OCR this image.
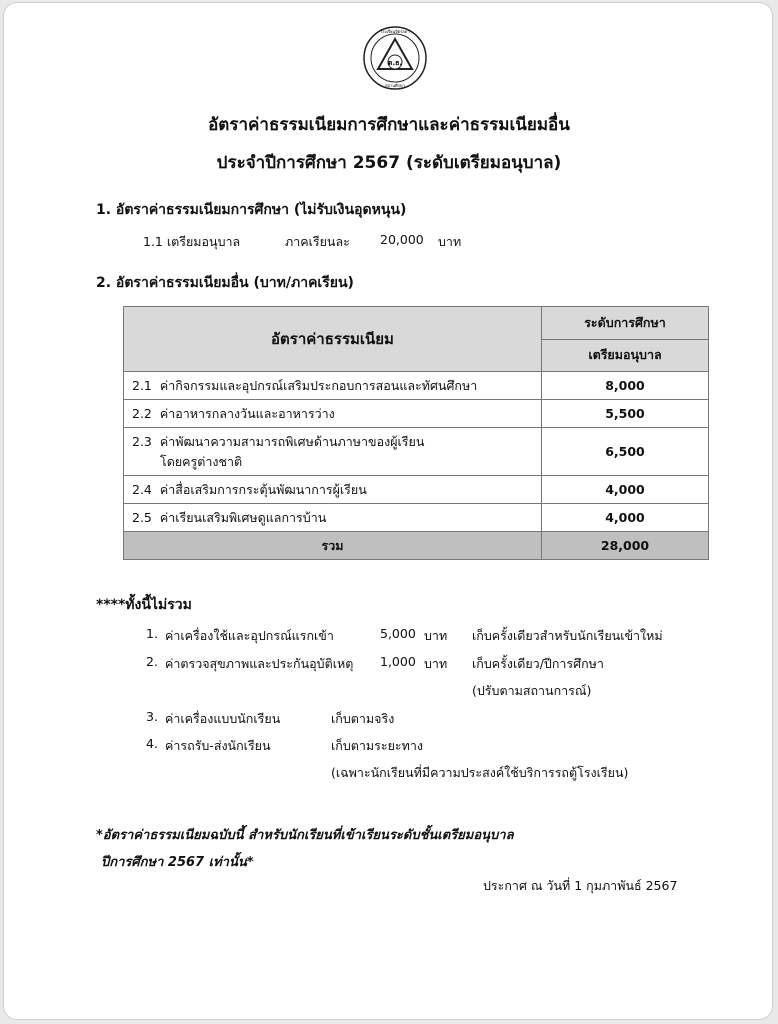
ต.ธ.
โรงเรียนจิตรลดา
สถานศึกษา
อัตราค่าธรรมเนียมการศึกษาและค่าธรรมเนียมอื่น
ประจำปีการศึกษา 2567 (ระดับเตรียมอนุบาล)
1. อัตราค่าธรรมเนียมการศึกษา (ไม่รับเงินอุดหนุน)
1.1 เตรียมอนุบาล	ภาคเรียนละ 20,000 บาท
2. อัตราค่าธรรมเนียมอื่น (บาท/ภาคเรียน)
อัตราค่าธรรมเนียม	ระดับการศึกษา
	เตรียมอนุบาล
2.1 ค่ากิจกรรมและอุปกรณ์เสริมประกอบการสอนและทัศนศึกษา	8,000
2.2 ค่าอาหารกลางวันและอาหารว่าง	5,500
2.3 ค่าพัฒนาความสามารถพิเศษด้านภาษาของผู้เรียน
โดยครูต่างชาติ	6,500
2.4 ค่าสื่อเสริมการกระตุ้นพัฒนาการผู้เรียน	4,000
2.5 ค่าเรียนเสริมพิเศษดูแลการบ้าน	4,000
รวม	28,000
****ทั้งนี้ไม่รวม
1. ค่าเครื่องใช้และอุปกรณ์แรกเข้า	5,000 บาท เก็บครั้งเดียวสำหรับนักเรียนเข้าใหม่
2. ค่าตรวจสุขภาพและประกันอุบัติเหตุ 1,000 บาท เก็บครั้งเดียว/ปีการศึกษา
(ปรับตามสถานการณ์)
3. ค่าเครื่องแบบนักเรียน	เก็บตามจริง
4. ค่ารถรับ-ส่งนักเรียน	เก็บตามระยะทาง
(เฉพาะนักเรียนที่มีความประสงค์ใช้บริการรถตู้โรงเรียน)
*อัตราค่าธรรมเนียมฉบับนี้ สำหรับนักเรียนที่เข้าเรียนระดับชั้นเตรียมอนุบาล
ปีการศึกษา 2567 เท่านั้น*
ประกาศ ณ วันที่ 1 กุมภาพันธ์ 2567
